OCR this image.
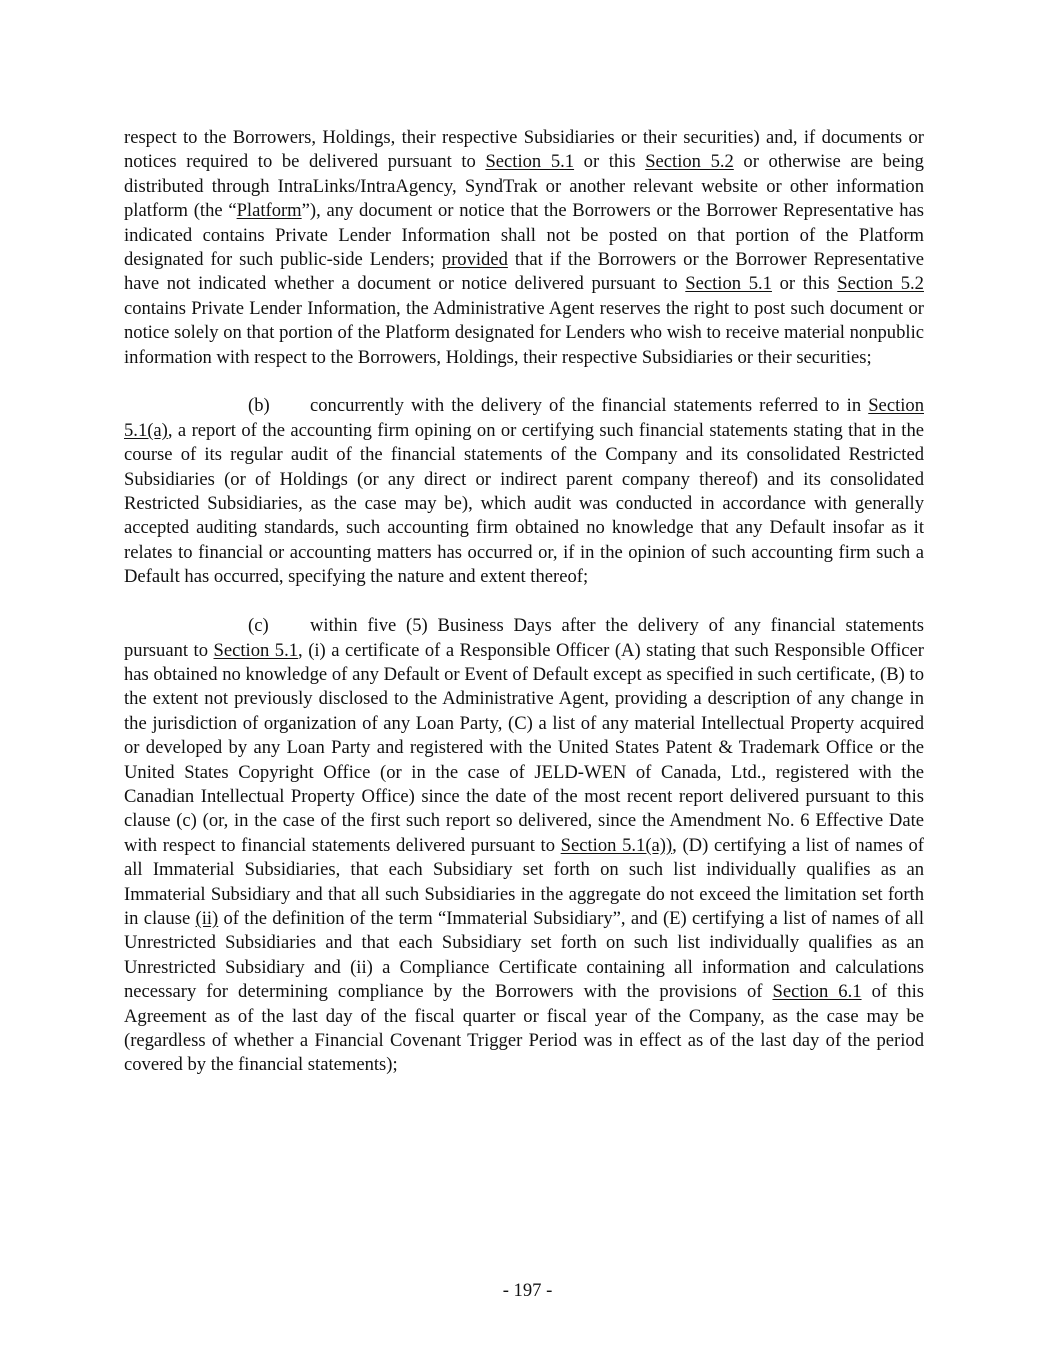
respect to the Borrowers, Holdings, their respective Subsidiaries or their securities) and, if documents or notices required to be delivered pursuant to Section 5.1 or this Section 5.2 or otherwise are being distributed through IntraLinks/IntraAgency, SyndTrak or another relevant website or other information platform (the “Platform”), any document or notice that the Borrowers or the Borrower Representative has indicated contains Private Lender Information shall not be posted on that portion of the Platform designated for such public-side Lenders; provided that if the Borrowers or the Borrower Representative have not indicated whether a document or notice delivered pursuant to Section 5.1 or this Section 5.2 contains Private Lender Information, the Administrative Agent reserves the right to post such document or notice solely on that portion of the Platform designated for Lenders who wish to receive material nonpublic information with respect to the Borrowers, Holdings, their respective Subsidiaries or their securities;

(b) concurrently with the delivery of the financial statements referred to in Section 5.1(a), a report of the accounting firm opining on or certifying such financial statements stating that in the course of its regular audit of the financial statements of the Company and its consolidated Restricted Subsidiaries (or of Holdings (or any direct or indirect parent company thereof) and its consolidated Restricted Subsidiaries, as the case may be), which audit was conducted in accordance with generally accepted auditing standards, such accounting firm obtained no knowledge that any Default insofar as it relates to financial or accounting matters has occurred or, if in the opinion of such accounting firm such a Default has occurred, specifying the nature and extent thereof;

(c) within five (5) Business Days after the delivery of any financial statements pursuant to Section 5.1, (i) a certificate of a Responsible Officer (A) stating that such Responsible Officer has obtained no knowledge of any Default or Event of Default except as specified in such certificate, (B) to the extent not previously disclosed to the Administrative Agent, providing a description of any change in the jurisdiction of organization of any Loan Party, (C) a list of any material Intellectual Property acquired or developed by any Loan Party and registered with the United States Patent & Trademark Office or the United States Copyright Office (or in the case of JELD-WEN of Canada, Ltd., registered with the Canadian Intellectual Property Office) since the date of the most recent report delivered pursuant to this clause (c) (or, in the case of the first such report so delivered, since the Amendment No. 6 Effective Date with respect to financial statements delivered pursuant to Section 5.1(a)), (D) certifying a list of names of all Immaterial Subsidiaries, that each Subsidiary set forth on such list individually qualifies as an Immaterial Subsidiary and that all such Subsidiaries in the aggregate do not exceed the limitation set forth in clause (ii) of the definition of the term “Immaterial Subsidiary”, and (E) certifying a list of names of all Unrestricted Subsidiaries and that each Subsidiary set forth on such list individually qualifies as an Unrestricted Subsidiary and (ii) a Compliance Certificate containing all information and calculations necessary for determining compliance by the Borrowers with the provisions of Section 6.1 of this Agreement as of the last day of the fiscal quarter or fiscal year of the Company, as the case may be (regardless of whether a Financial Covenant Trigger Period was in effect as of the last day of the period covered by the financial statements);

- 197 -
